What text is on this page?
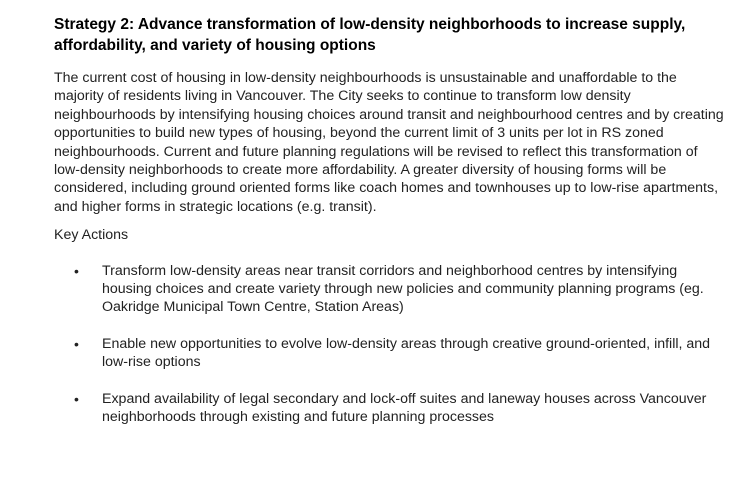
Strategy 2: Advance transformation of low-density neighborhoods to increase supply, affordability, and variety of housing options

The current cost of housing in low-density neighbourhoods is unsustainable and unaffordable to the majority of residents living in Vancouver. The City seeks to continue to transform low density neighbourhoods by intensifying housing choices around transit and neighbourhood centres and by creating opportunities to build new types of housing, beyond the current limit of 3 units per lot in RS zoned neighbourhoods. Current and future planning regulations will be revised to reflect this transformation of low-density neighborhoods to create more affordability. A greater diversity of housing forms will be considered, including ground oriented forms like coach homes and townhouses up to low-rise apartments, and higher forms in strategic locations (e.g. transit).

Key Actions

• Transform low-density areas near transit corridors and neighborhood centres by intensifying housing choices and create variety through new policies and community planning programs (eg. Oakridge Municipal Town Centre, Station Areas)
• Enable new opportunities to evolve low-density areas through creative ground-oriented, infill, and low-rise options
• Expand availability of legal secondary and lock-off suites and laneway houses across Vancouver neighborhoods through existing and future planning processes
